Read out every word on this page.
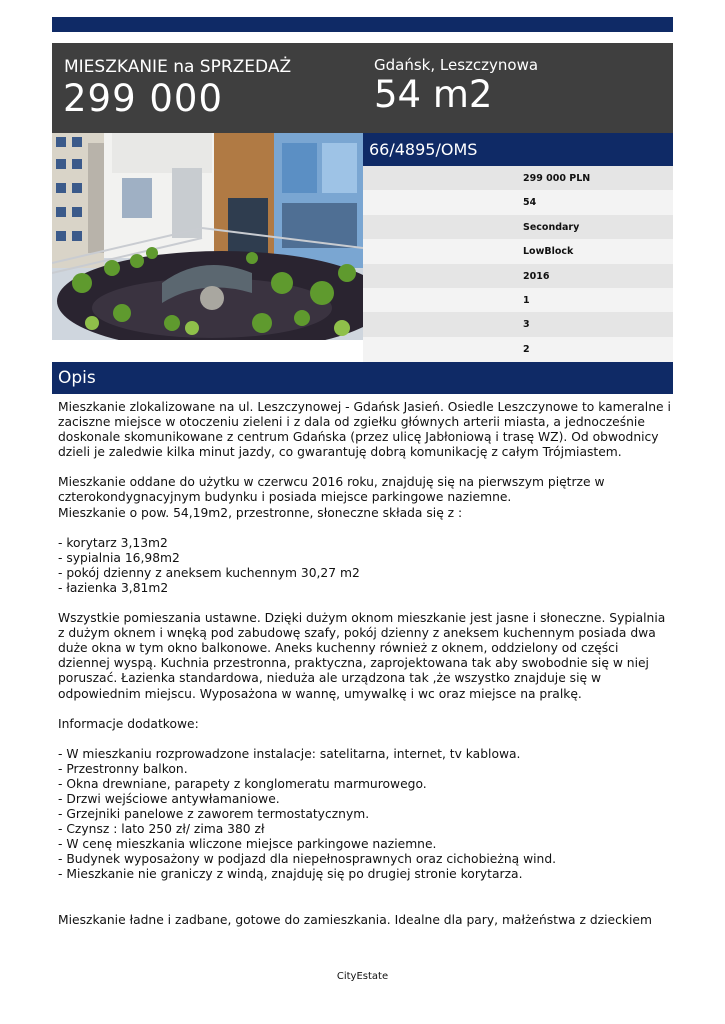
MIESZKANIE na SPRZEDAŻ
299 000
Gdańsk, Leszczynowa
54 m2
66/4895/OMS
299 000 PLN
54
Secondary
LowBlock
2016
1
3
2
Opis

Mieszkanie zlokalizowane na ul. Leszczynowej - Gdańsk Jasień. Osiedle Leszczynowe to kameralne i
zaciszne miejsce w otoczeniu zieleni i z dala od zgiełku głównych arterii miasta, a jednocześnie
doskonale skomunikowane z centrum Gdańska (przez ulicę Jabłoniową i trasę WZ). Od obwodnicy
dzieli je zaledwie kilka minut jazdy, co gwarantuję dobrą komunikację z całym Trójmiastem.

Mieszkanie oddane do użytku w czerwcu 2016 roku, znajduję się na pierwszym piętrze w
czterokondygnacyjnym budynku i posiada miejsce parkingowe naziemne.
Mieszkanie o pow. 54,19m2, przestronne, słoneczne składa się z :

- korytarz 3,13m2
- sypialnia 16,98m2
- pokój dzienny z aneksem kuchennym 30,27 m2
- łazienka 3,81m2

Wszystkie pomieszania ustawne. Dzięki dużym oknom mieszkanie jest jasne i słoneczne. Sypialnia
z dużym oknem i wnęką pod zabudowę szafy, pokój dzienny z aneksem kuchennym posiada dwa
duże okna w tym okno balkonowe. Aneks kuchenny również z oknem, oddzielony od części
dziennej wyspą. Kuchnia przestronna, praktyczna, zaprojektowana tak aby swobodnie się w niej
poruszać. Łazienka standardowa, nieduża ale urządzona tak ,że wszystko znajduje się w
odpowiednim miejscu. Wyposażona w wannę, umywalkę i wc oraz miejsce na pralkę.

Informacje dodatkowe:

- W mieszkaniu rozprowadzone instalacje: satelitarna, internet, tv kablowa.
- Przestronny balkon.
- Okna drewniane, parapety z konglomeratu marmurowego.
- Drzwi wejściowe antywłamaniowe.
- Grzejniki panelowe z zaworem termostatycznym.
- Czynsz : lato 250 zł/ zima 380 zł
- W cenę mieszkania wliczone miejsce parkingowe naziemne.
- Budynek wyposażony w podjazd dla niepełnosprawnych oraz cichobieżną wind.
- Mieszkanie nie graniczy z windą, znajduję się po drugiej stronie korytarza.

Mieszkanie ładne i zadbane, gotowe do zamieszkania. Idealne dla pary, małżeństwa z dzieckiem

CityEstate
